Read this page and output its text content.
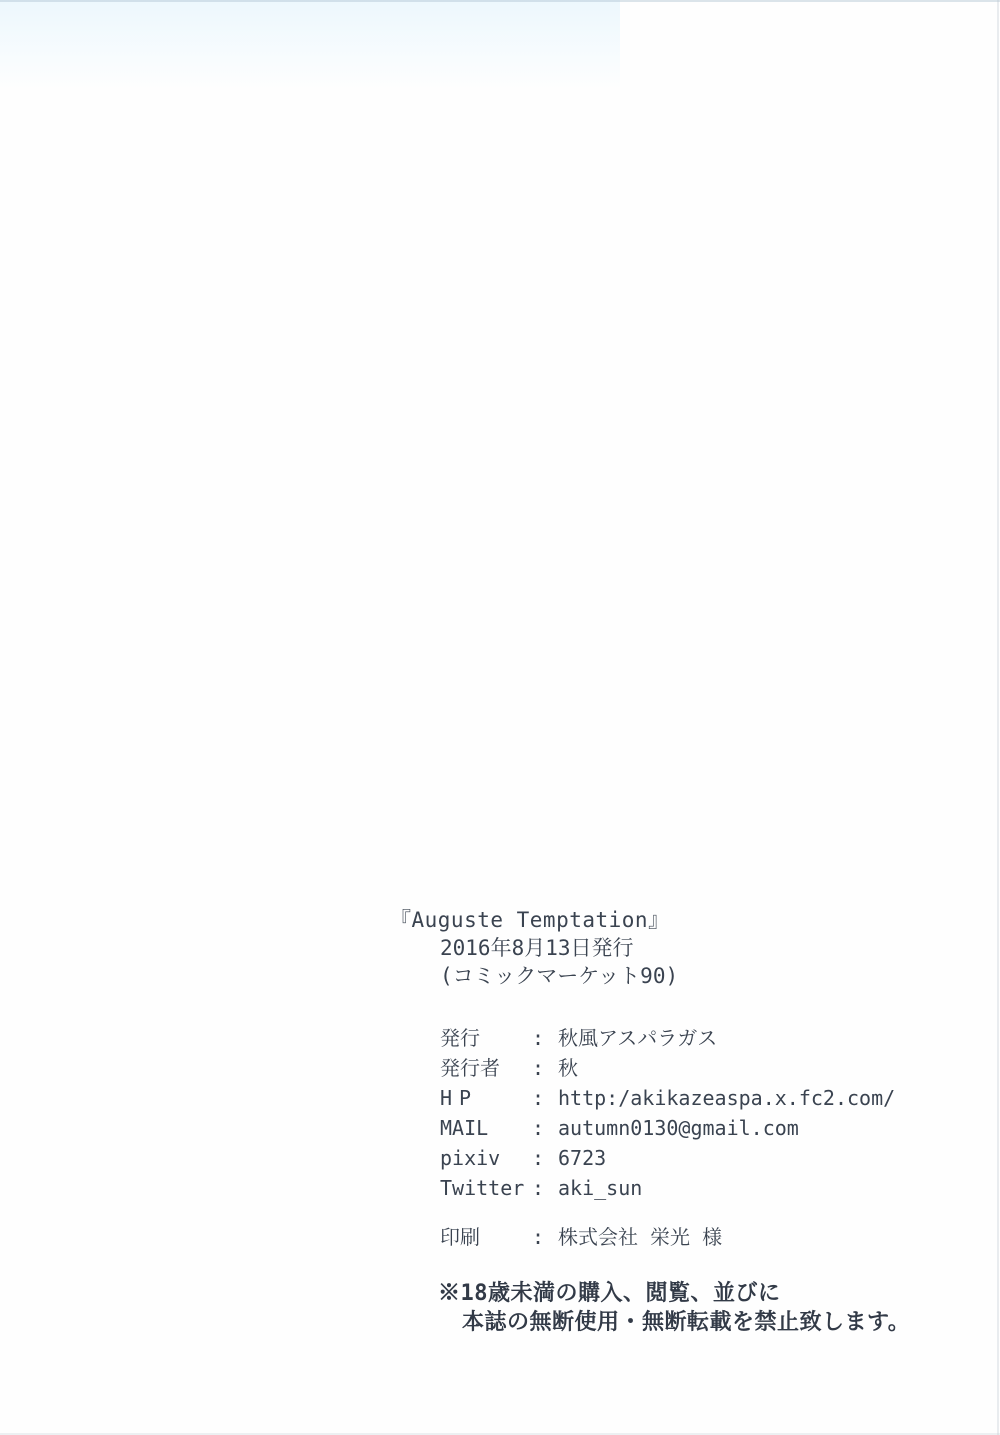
『Auguste Temptation』
2016年8月13日発行
(コミックマーケット90)
発行	: 秋風アスパラガス
発行者	: 秋
HP	: http:/akikazeaspa.x.fc2.com/
MAIL	: autumn0130@gmail.com
pixiv	: 6723
Twitter : aki_sun
印刷	: 株式会社 栄光 様
※18歳未満の購入、閲覧、並びに
本誌の無断使用・無断転載を禁止致します。
